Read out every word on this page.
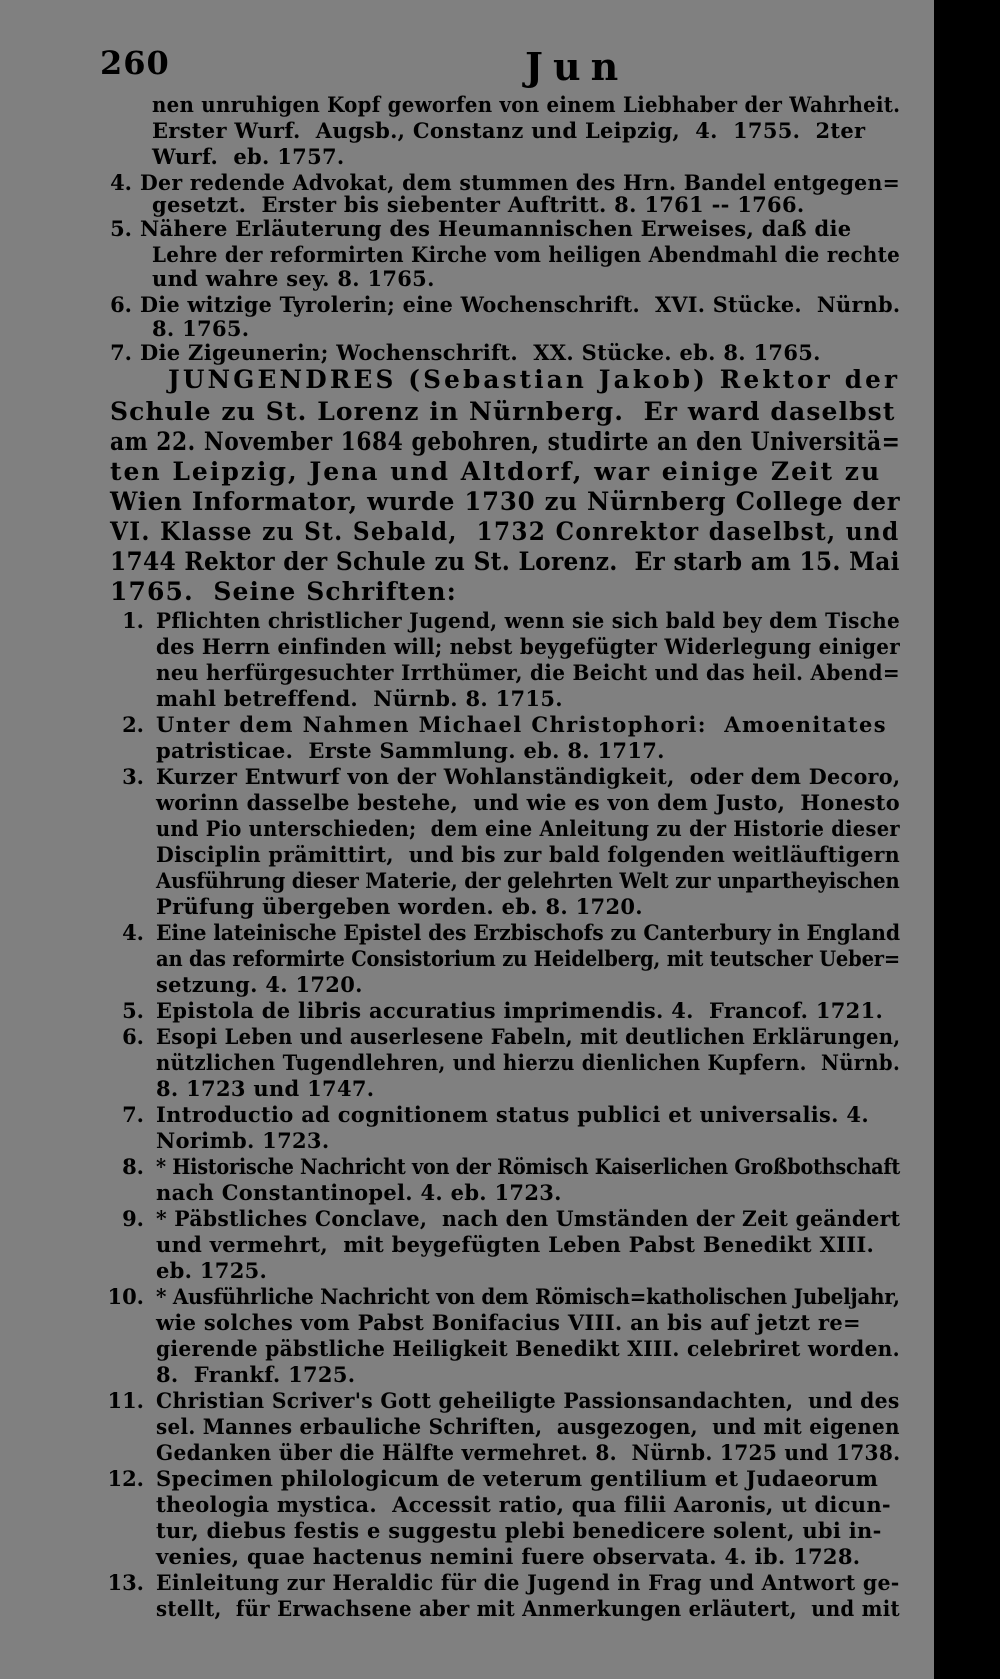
260	Jun
nen unruhigen Kopf geworfen von einem Liebhaber der Wahrheit.
Erster Wurf.  Augsb., Constanz und Leipzig,  4.  1755.  2ter
Wurf.  eb. 1757.
4. Der redende Advokat, dem stummen des Hrn. Bandel entgegen=
gesetzt.  Erster bis siebenter Auftritt. 8. 1761 -- 1766.
5. Nähere Erläuterung des Heumannischen Erweises, daß die
Lehre der reformirten Kirche vom heiligen Abendmahl die rechte
und wahre sey. 8. 1765.
6. Die witzige Tyrolerin; eine Wochenschrift.  XVI. Stücke.  Nürnb.
8. 1765.
7. Die Zigeunerin; Wochenschrift.  XX. Stücke. eb. 8. 1765.
JUNGENDRES (Sebastian Jakob) Rektor der
Schule zu St. Lorenz in Nürnberg.  Er ward daselbst
am 22. November 1684 gebohren, studirte an den Universitä=
ten Leipzig, Jena und Altdorf, war einige Zeit zu
Wien Informator, wurde 1730 zu Nürnberg College der
VI. Klasse zu St. Sebald,  1732 Conrektor daselbst, und
1744 Rektor der Schule zu St. Lorenz.  Er starb am 15. Mai
1765.  Seine Schriften:
1. Pflichten christlicher Jugend, wenn sie sich bald bey dem Tische
des Herrn einfinden will; nebst beygefügter Widerlegung einiger
neu herfürgesuchter Irrthümer, die Beicht und das heil. Abend=
mahl betreffend.  Nürnb. 8. 1715.
2. Unter dem Nahmen Michael Christophori:  Amoenitates
patristicae.  Erste Sammlung. eb. 8. 1717.
3. Kurzer Entwurf von der Wohlanständigkeit,  oder dem Decoro,
worinn dasselbe bestehe,  und wie es von dem Justo,  Honesto
und Pio unterschieden;  dem eine Anleitung zu der Historie dieser
Disciplin prämittirt,  und bis zur bald folgenden weitläuftigern
Ausführung dieser Materie, der gelehrten Welt zur unpartheyischen
Prüfung übergeben worden. eb. 8. 1720.
4. Eine lateinische Epistel des Erzbischofs zu Canterbury in England
an das reformirte Consistorium zu Heidelberg, mit teutscher Ueber=
setzung. 4. 1720.
5. Epistola de libris accuratius imprimendis. 4.  Francof. 1721.
6. Esopi Leben und auserlesene Fabeln, mit deutlichen Erklärungen,
nützlichen Tugendlehren, und hierzu dienlichen Kupfern.  Nürnb.
8. 1723 und 1747.
7. Introductio ad cognitionem status publici et universalis. 4.
Norimb. 1723.
8. * Historische Nachricht von der Römisch Kaiserlichen Großbothschaft
nach Constantinopel. 4. eb. 1723.
9. * Päbstliches Conclave,  nach den Umständen der Zeit geändert
und vermehrt,  mit beygefügten Leben Pabst Benedikt XIII.
eb. 1725.
10. * Ausführliche Nachricht von dem Römisch=katholischen Jubeljahr,
wie solches vom Pabst Bonifacius VIII. an bis auf jetzt re=
gierende päbstliche Heiligkeit Benedikt XIII. celebriret worden.
8.  Frankf. 1725.
11. Christian Scriver's Gott geheiligte Passionsandachten,  und des
sel. Mannes erbauliche Schriften,  ausgezogen,  und mit eigenen
Gedanken über die Hälfte vermehret. 8.  Nürnb. 1725 und 1738.
12. Specimen philologicum de veterum gentilium et Judaeorum
theologia mystica.  Accessit ratio, qua filii Aaronis, ut dicun-
tur, diebus festis e suggestu plebi benedicere solent, ubi in-
venies, quae hactenus nemini fuere observata. 4. ib. 1728.
13. Einleitung zur Heraldic für die Jugend in Frag und Antwort ge-
stellt,  für Erwachsene aber mit Anmerkungen erläutert,  und mit
